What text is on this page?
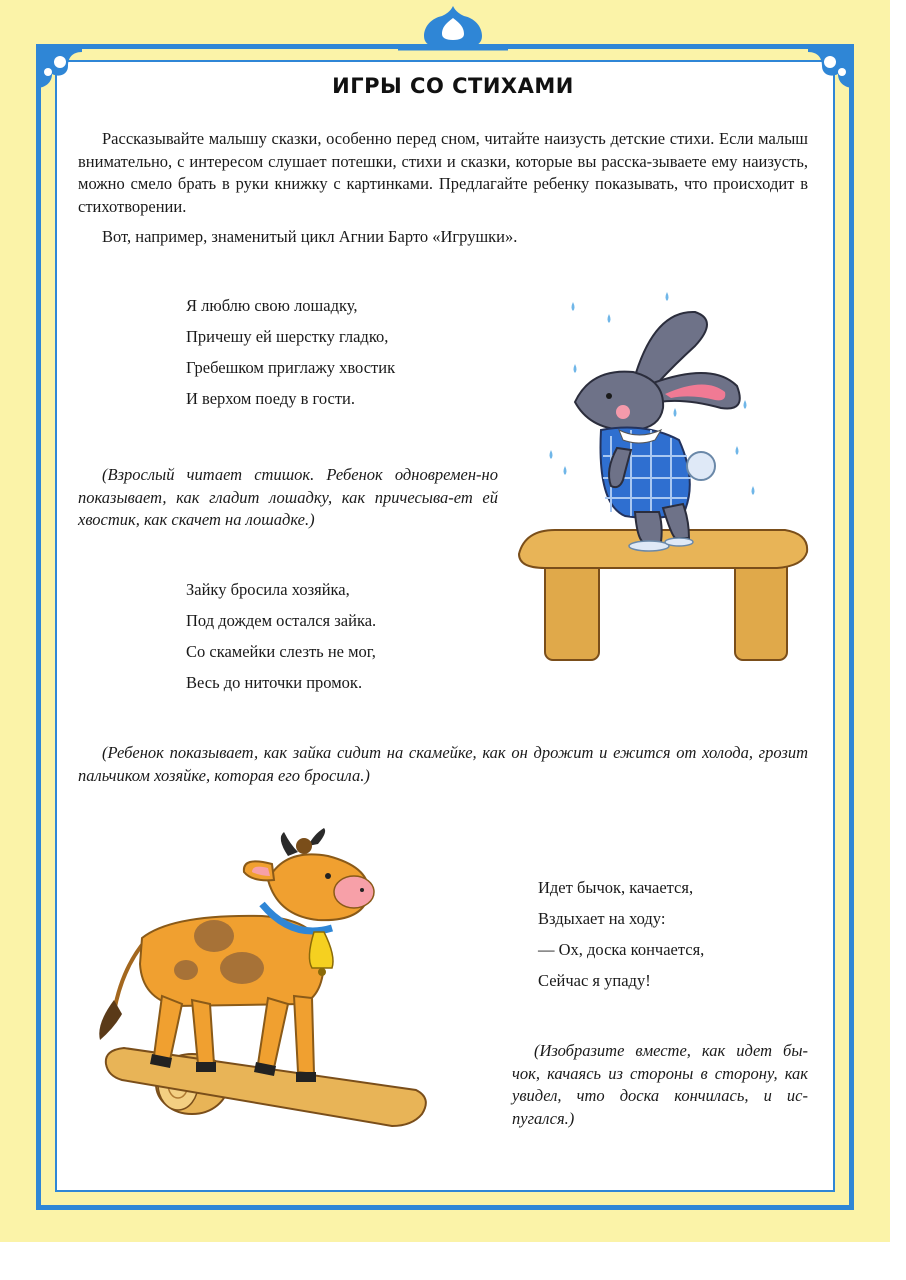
ИГРЫ СО СТИХАМИ
Рассказывайте малышу сказки, особенно перед сном, читайте наизусть детские стихи. Если малыш внимательно, с интересом слушает потешки, стихи и сказки, которые вы расска-зываете ему наизусть, можно смело брать в руки книжку с картинками. Предлагайте ребенку показывать, что происходит в стихотворении.
Вот, например, знаменитый цикл Агнии Барто «Игрушки».
Я люблю свою лошадку,
Причешу ей шерстку гладко,
Гребешком приглажу хвостик
И верхом поеду в гости.
(Взрослый читает стишок. Ребенок одновремен-но показывает, как гладит лошадку, как причесыва-ет ей хвостик, как скачет на лошадке.)
Зайку бросила хозяйка,
Под дождем остался зайка.
Со скамейки слезть не мог,
Весь до ниточки промок.
(Ребенок показывает, как зайка сидит на скамейке, как он дрожит и ежится от холода, грозит пальчиком хозяйке, которая его бросила.)
Идет бычок, качается,
Вздыхает на ходу:
— Ох, доска кончается,
Сейчас я упаду!
(Изобразите вместе, как идет бы-чок, качаясь из стороны в сторону, как увидел, что доска кончилась, и ис-пугался.)
